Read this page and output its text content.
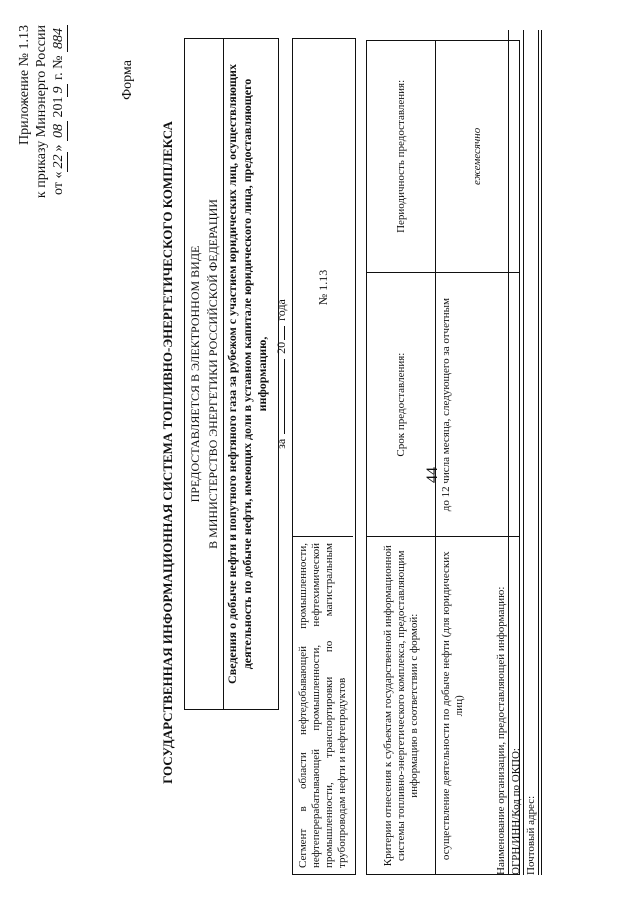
44
Приложение № 1.13 к приказу Минэнерго России от «22» 08 2019 г. № 884
Форма
ГОСУДАРСТВЕННАЯ ИНФОРМАЦИОННАЯ СИСТЕМА ТОПЛИВНО-ЭНЕРГЕТИЧЕСКОГО КОМПЛЕКСА ПРЕДОСТАВЛЯЕТСЯ В ЭЛЕКТРОННОМ ВИДЕ В МИНИСТЕРСТВО ЭНЕРГЕТИКИ РОССИЙСКОЙ ФЕДЕРАЦИИ Сведения о добыче нефти и попутного нефтяного газа за рубежом с участием юридических лиц, осуществляющих деятельность по добыче нефти, имеющих доли в уставном капитале юридического лица, предоставляющего информацию,
за  20 года
Сегмент в области нефтедобывающей промышленности, нефтеперерабатывающей промышленности, нефтехимической промышленности, транспортировки по магистральным трубопроводам нефти и нефтепродуктов
№ 1.13
Критерии отнесения к субъектам государственной информационной системы топливно-энергетического комплекса, предоставляющим информацию в соответствии с формой:	Срок предоставления:	Периодичность предоставления:
осуществление деятельности по добыче нефти (для юридических лиц)	до 12 числа месяца, следующего за отчетным	ежемесячно
Наименование организации, предоставляющей информацию: ОГРН/ИНН/Код по ОКПО: Почтовый адрес:
